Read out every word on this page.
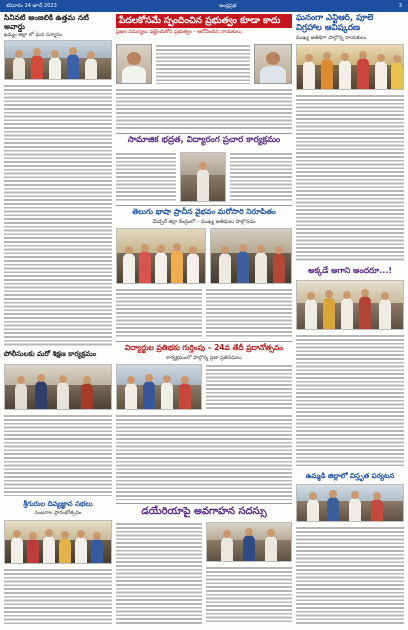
శనివారం 24 జూన్ 2023	ఆంధ్రప్రభ	3
సినీనటి అంజలికి ఉత్తమ నటి అవార్డు
ఖమ్మం జిల్లా లో ఘన సన్మానం
పోలీసులకు మరో శిక్షణ కార్యక్రమం
శ్రీగురుల దివ్యజ్ఞాన సభలు
సంబరాల ప్రారంభోత్సవం
పేదలకోసమే స్పందించిన ప్రభుత్వం కూడా కాదు
ప్రజల సమస్యలు పట్టించుకోని ప్రభుత్వం – ఆరోపించిన నాయకులు
సామాజిక భద్రత, విద్యారంగ ప్రచార కార్యక్రమం
తెలుగు భాషా ప్రాచీన వైభవం మరోసారి నిరూపితం
మేడ్చల్ జిల్లా కేంద్రంలో – ముఖ్య అతిథులు పాల్గొనడం
విద్యార్థుల ప్రతిభకు గుర్తింపు – 24వ తేదీ ప్రదానోత్సవం
కార్యక్రమంలో పాల్గొన్న ప్రజా ప్రతినిధులు
డయేరియాపై అవగాహన సదస్సు
ఘనంగా ఎన్టీఆర్, పూలే
విగ్రహాల ఆవిష్కరణ
ముఖ్య అతిథిగా పాల్గొన్న నాయకులు
అక్కడే అగాని అందరూ...!
ఉమ్మడి జిల్లాలో విస్తృత పర్యటన
